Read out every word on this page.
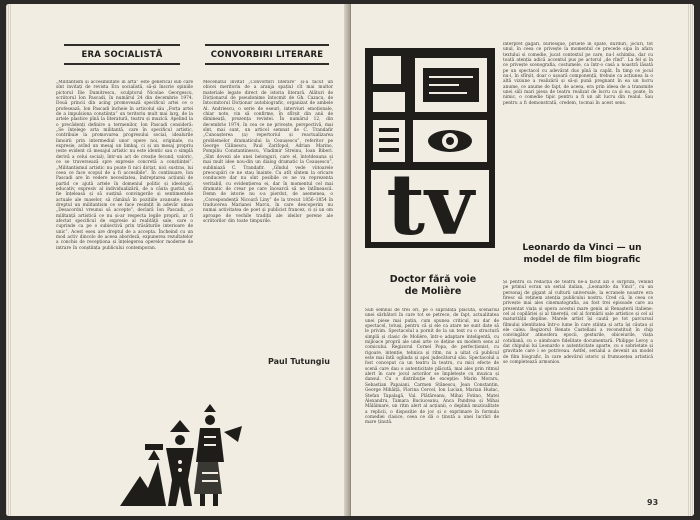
ERA SOCIALISTĂ	CONVORBIRI LITERARE
„Militantism și accesibilitate în artă” este generical sub care sînt invitați de revista Era socialistă, să-și înscrie opiniile pictorul Ilie Dumitrescu, sculptorul Nicolae Georgescu, scriitorul Ion Pascadi, în numărul 24 din decembrie 1974. Două princii din acing promovează specificul artei ce o profesează, Ion Pascadi încheie în articolul său „Forța artei de a impulsiona conștiința” un teritoriu mult mai larg, de la artele plastice pînă la literatură, teatru și muzică. Apelind la o precădenți definire a termenilor, Ion Pascadi consideră: „Se înțelege arta militantă, care în specificul artistic, contribuie la promovarea progresului social, idealurile înnoirii prin intermediul unor opere noi, originale, cu expresie, avînd un mesaj un limbaj, ci și un mesaj propriu (este evident că mesajul artistic nu este identic sau o simplă derivă a celui social), într-un act de creație fecund, valoric, ce se traversează spre expresie concretă a conștiinței”. „Militantismul artistic nu poate fi nici dictat, nici sustras, lui ceea ce face scopul de a fi accesibile”. În continuare, Ion Pascadi are în vedere necesitatea, îndreptarea acțiunii de partid ce ajută artele în domeniul politic și ideologic, educativ, expresiv al individualizării, de a căuta gustul, să fie înțeleasă și să susțină convingerile și sentimentele actuale ale maselor, să rămână în pozițiile avansate, de-a dreptul un militantism ce se face resimțit în adevăr uman „Desacordul vreunui să accepte”, declară Ion Pascadi, „o militanță artistică ce nu și-ar respecta legile proprii, ar fi afectat specificul de expresie al realității sale, care o cuprinde ca pe o subiectivă prin trăsăturile interioare de unic”. Acest eseu are dreptul de a accepta. Încheind cu un mod activ dincolo de aceea abordeză, expunerea rezultatelor a conchis de recepționa și înțelegerea operelor moderne de intrare în conștiința publicului contemporan.
Mecenatul invitat „Convorbiri literare” și-a făcut un obicei meritoriu de a aranja spațiul cît mai multor materiale legate direct de istoria literară. Alături de Dicționarul de pseudonime întocmit de Gh. Cazacu, de întocmitorul Dicționar autobiografic, organizat de ambele Al. Andriescu, o serie de eseuri, interviuri emoționale, chiar note, vin să confirme, în sfîrșit din anii de dimineață, prezența revistei. În numărul 12, din decembrie 1974, în cea ce ne privește, perspectivă, mai sînt, mai sunt, un articol semnat de C. Trandafir „Cunoașterea (a) repertoriul și reactualizarea problemelor dramaticului la Ceaușescu”, referitor pe George Călinescu, Paul Zarifopol, Adrian Marino, Pompiliu Constantinescu, Vladimir Streinu, Ioan Biberi. „Sînt dovezi ale unei belonguri, care el, întotdeauna și mai mult idee nou-din un dialog dramatic la Ceaușescu”, subliniază C. Trandafir. „Gîndul vede viitoarele preocupări ce ne stau înainte. Cu atît sîntem la oricare conducere dar nu sînt posibile ce ne va reprezenta veritabil, cu evidențierea ei, dar în momentul cel mai dramatic de crear pe care încearcă să ne întîlnească. Demn de istorie nu s-a pierdut, de asemenea, o „Corespondență Nicoară Liny” de la trecut 1856–1854 în traducerea Marianei Marcu, în care descoperim nu numai activitatea de poet și publicist francez, ci și un om aproape de vechile tradiții ale ideilor perene ale scriitorilor din toate timpurile.
Paul Tutungiu
tv
interpret gagari, burlesque, piruete in spate, durduri, jocuri, tot unul, în ceea ce privește la momentul ce precede sipa în afara textului si comedie, jucat contextul pe care, nu-l schimba, dar cu toată atenția adică accentul pus pe actorul „de rînd”. La fel și în ce privește scenografia, costumele, ca într-o casă a noastră lăsată pe un spectacol cu adevărat dus pînă la capăt. În timp ce jocul nu-i, în sfîrșit, doar o ușoară componență, trebuie ca acțiunea la o altă viziune a realizării și să-și pună pregnant în ea un lucru anume, ce anume de fapt, de aceea, era prin ideea de a transmite unei săli mari piesa de teatru realizat de lucru ca și ea, poate, în nimic, o comedie tipic pentru a fi un alt lucru din realul. Sau pentru a fi demonstrată, credem, tocmai în acest sens.
Doctor fără voie de Molière
Sub semnul de trei ori, pe o suprafață plăcută, scenariul unei sărbători în care tot se petrece, de fapt, actualitatea unei piese mai puțin, cum spunea criticul, nu dar de spectacol, totuși, pentru că și ele ca atare ne sunt date să le privim. Spectacolul a pornit de la un text cu o structură simplă și clasic de Molière, într-o adaptare inteligentă, cu mijloace proprii ale unei arte ce deține un modern sens al comicului. Regizorul Cornel Popa, de perfecționist, cu rigoare, intenție, tehnica și ritm, nu a uitat că publicul este mai întîi oglinda și apoi judecătorul său. Spectacolul a fost conceput ca un teatru în teatru, cu mici efecte de scenă care dau o autenticitate plăcută, mai ales prin ritmul alert în care jocul actorilor se împletește cu muzica și dansul. Cu o distribuție de excepție: Marin Moraru, Sebastian Papaiani, Carmen Stănescu, Jean Constantin, George Mihăiță, Florina Cercel, Ion Lucian, Marian Hudac, Ștefan Tapalagă, Val. Plătăreanu, Mihai Fotino, Matei Alexandru, Tamara Buciuceanu, Anca Pandrea și Mihai Mălăimare, un ritm alert al acțiunii, o deplină muzicalitate a replicii, o dispoziție de joc și o exprimare în formula comediei clasice, ceea ce dă o ținută a unei lucrări de mare ținută.
Leonardo da Vinci — un model de film biografic
Și pentru că redacția de teatru ne-a făcut azi o surpriză, venind pe primul ecran un serial italian, „Leonardo da Vinci”, cu un personaj de gigant al culturii universale, la ecranele noastre era firesc să reținem atenția publicului nostru. Cred că, în ceea ce privește mai ales cinematografia, au fost trei episoade care au prezentat viața și opera acestui mare geniu al Renașterii italiene: cel al copilăriei și al tinereții, cel al formării sale artistice și cel al maturității depline. Marele artist își caută pe tot parcursul filmului identitatea într-o lume în care știința și arta își căutau și ele calea. Regizorul Renato Castellani a reconstituit în chip convingător atmosfera epocii, gesturile, obiceiurile, viața cotidiană, cu o uimitoare fidelitate documentară. Philippe Leroy a dat chipului lui Leonardo o autenticitate aparte, cu o sobrietate și gravitate care i se potriveau. Astfel, serialul a devenit un model de film biografic, în care adevărul istoric și frumusețea artistică se completează armonios.
93
